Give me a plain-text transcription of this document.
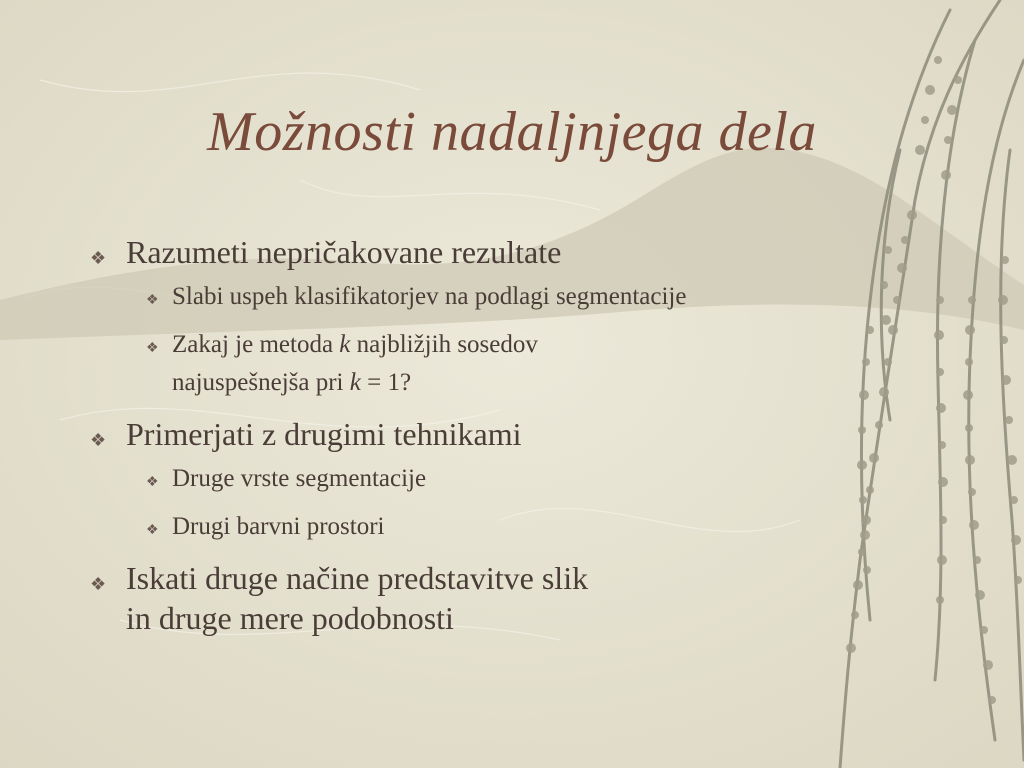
Možnosti nadaljnjega dela
❖ Razumeti nepričakovane rezultate
❖ Slabi uspeh klasifikatorjev na podlagi segmentacije
❖ Zakaj je metoda k najbližjih sosedov
najuspešnejša pri k = 1?
❖ Primerjati z drugimi tehnikami
❖ Druge vrste segmentacije
❖ Drugi barvni prostori
❖ Iskati druge načine predstavitve slik
in druge mere podobnosti
